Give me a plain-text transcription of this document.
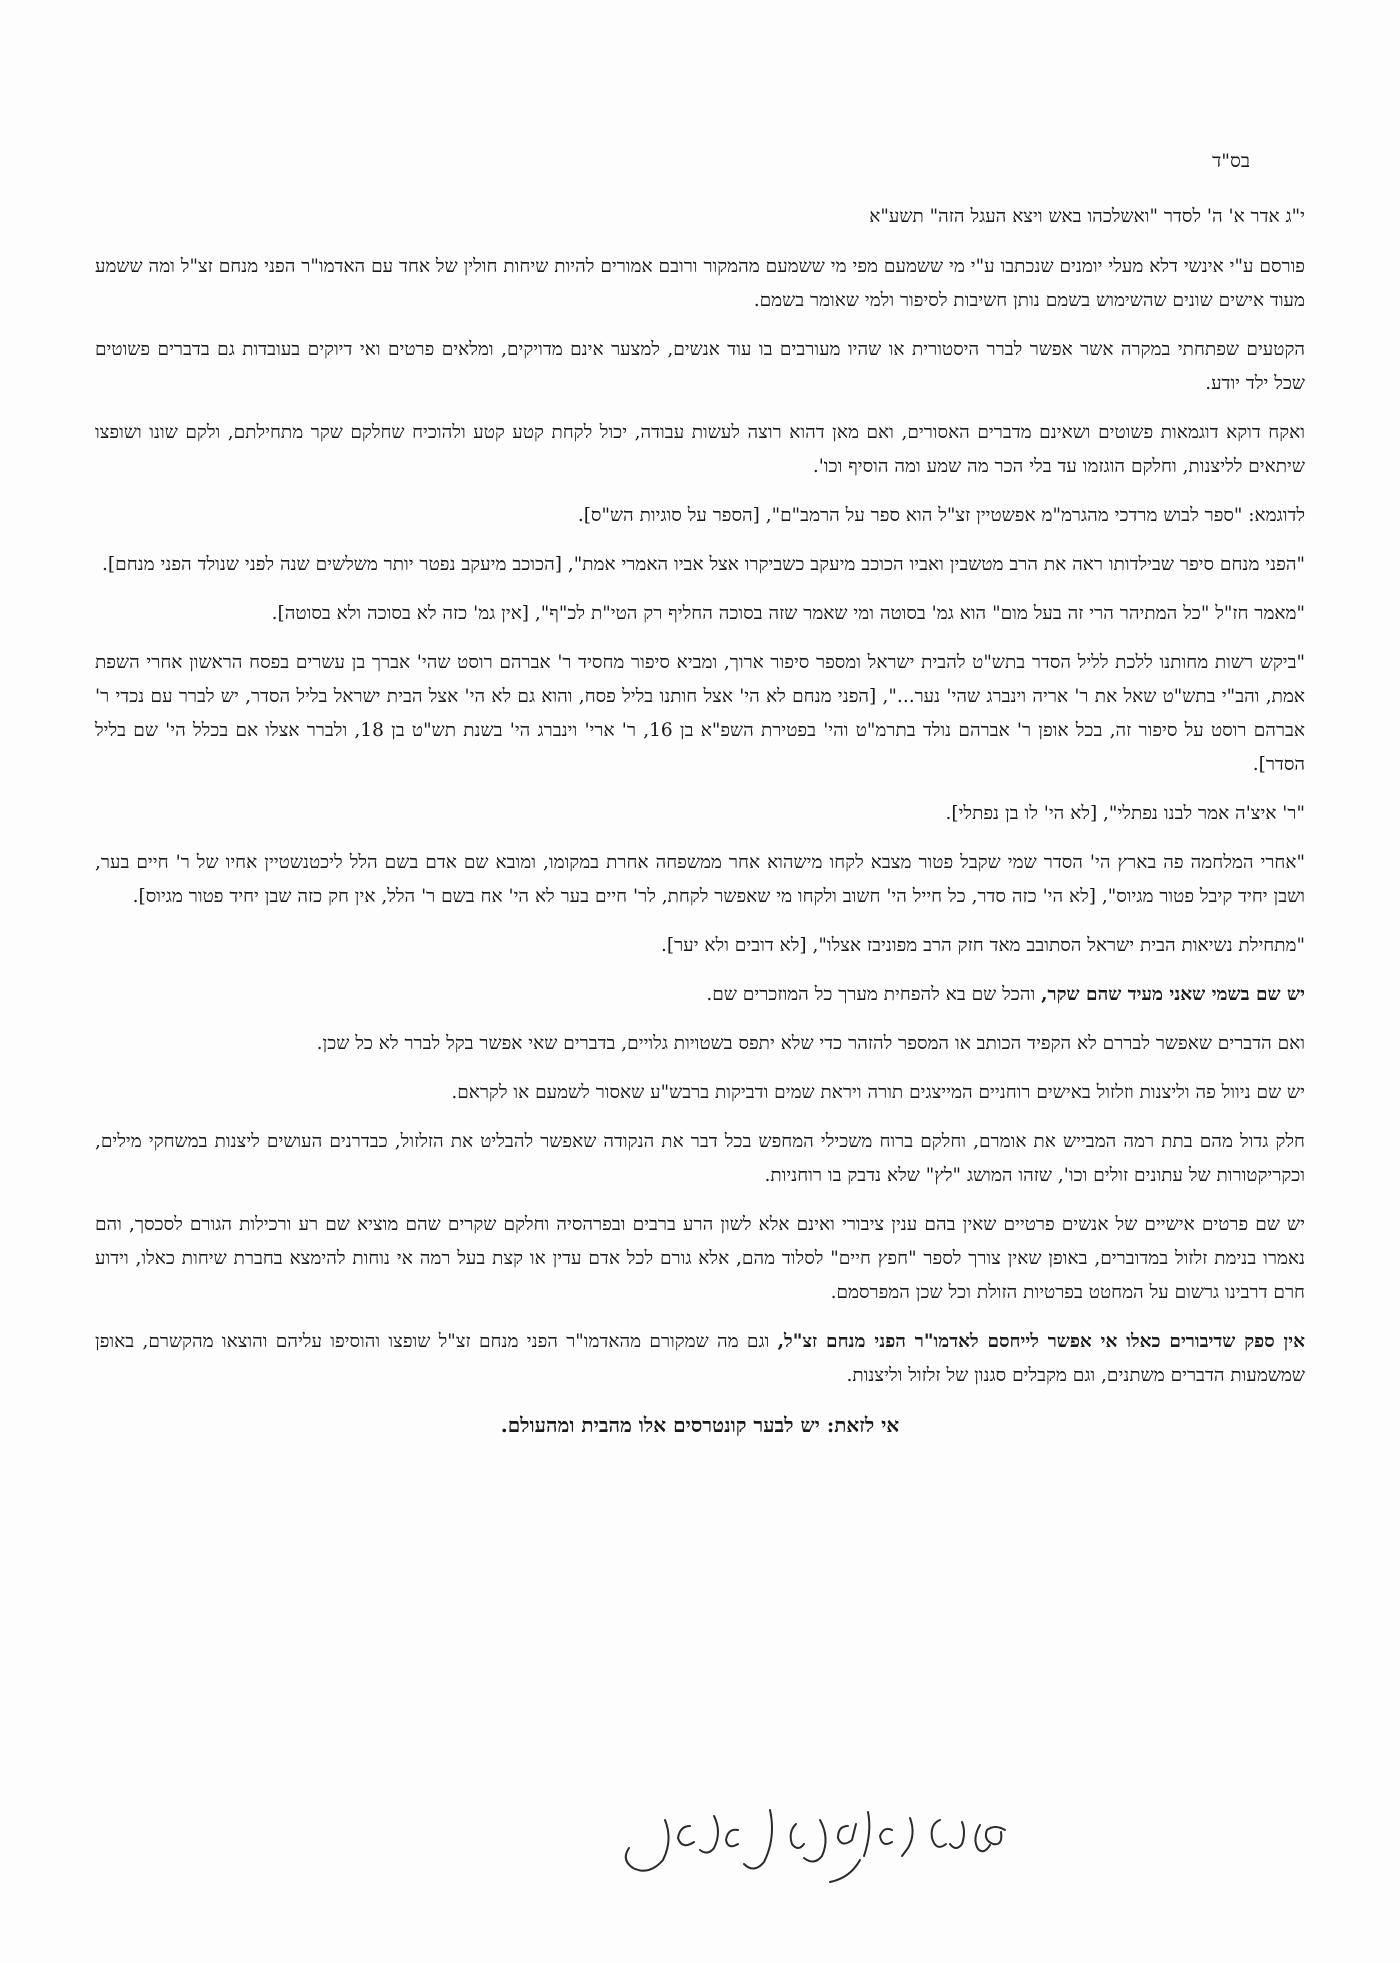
בס"ד

י"ג אדר א' ה' לסדר "ואשלכהו באש ויצא העגל הזה" תשע"א

פורסם ע"י אינשי דלא מעלי יומנים שנכתבו ע"י מי ששמעם מפי מי ששמעם מהמקור ורובם אמורים להיות שיחות חולין של אחד עם האדמו"ר הפני מנחם זצ"ל ומה ששמע מעוד אישים שונים שהשימוש בשמם נותן חשיבות לסיפור ולמי שאומר בשמם.

הקטעים שפתחתי במקרה אשר אפשר לברר היסטורית או שהיו מעורבים בו עוד אנשים, למצער אינם מדויקים, ומלאים פרטים ואי דיוקים בעובדות גם בדברים פשוטים שכל ילד יודע.

ואקח דוקא דוגמאות פשוטים ושאינם מדברים האסורים, ואם מאן דהוא רוצה לעשות עבודה, יכול לקחת קטע קטע ולהוכיח שחלקם שקר מתחילתם, ולקם שונו ושופצו שיתאים לליצנות, וחלקם הוגזמו עד בלי הכר מה שמע ומה הוסיף וכו'.

לדוגמא: "ספר לבוש מרדכי מהגרמ"מ אפשטיין זצ"ל הוא ספר על הרמב"ם", [הספר על סוגיות הש"ס].

"הפני מנחם סיפר שבילדותו ראה את הרב מטשבין ואביו הכוכב מיעקב כשביקרו אצל אביו האמרי אמת", [הכוכב מיעקב נפטר יותר משלשים שנה לפני שנולד הפני מנחם].

"מאמר חז"ל "כל המתיהר הרי זה בעל מום" הוא גמ' בסוטה ומי שאמר שזה בסוכה החליף רק הטי"ת לכ"ף", [אין גמ' כזה לא בסוכה ולא בסוטה].

"ביקש רשות מחותנו ללכת לליל הסדר בתש"ט להבית ישראל ומספר סיפור ארוך, ומביא סיפור מחסיד ר' אברהם רוסט שהי' אברך בן עשרים בפסח הראשון אחרי השפת אמת, והב"י בתש"ט שאל את ר' אריה וינברג שהי' נער...", [הפני מנחם לא הי' אצל חותנו בליל פסח, והוא גם לא הי' אצל הבית ישראל בליל הסדר, יש לברר עם נכדי ר' אברהם רוסט על סיפור זה, בכל אופן ר' אברהם נולד בתרמ"ט והי' בפטירת השפ"א בן 16, ר' ארי' וינברג הי' בשנת תש"ט בן 18, ולברר אצלו אם בכלל הי' שם בליל הסדר].

"ר' איצ'ה אמר לבנו נפתלי", [לא הי' לו בן נפתלי].

"אחרי המלחמה פה בארץ הי' הסדר שמי שקבל פטור מצבא לקחו מישהוא אחר ממשפחה אחרת במקומו, ומובא שם אדם בשם הלל ליכטנשטיין אחיו של ר' חיים בער, ושבן יחיד קיבל פטור מגיוס", [לא הי' כזה סדר, כל חייל הי' חשוב ולקחו מי שאפשר לקחת, לר' חיים בער לא הי' אח בשם ר' הלל, אין חק כזה שבן יחיד פטור מגיוס].

"מתחילת נשיאות הבית ישראל הסתובב מאד חזק הרב מפוניבז אצלו", [לא דובים ולא יער].

יש שם בשמי שאני מעיד שהם שקר, והכל שם בא להפחית מערך כל המוזכרים שם.

ואם הדברים שאפשר לבררם לא הקפיד הכותב או המספר להזהר כדי שלא יתפס בשטויות גלויים, בדברים שאי אפשר בקל לברר לא כל שכן.

יש שם ניוול פה וליצנות וזלזול באישים רוחניים המייצגים תורה ויראת שמים ודביקות ברבש"ע שאסור לשמעם או לקראם.

חלק גדול מהם בתת רמה המבייש את אומרם, וחלקם ברוח משכילי המחפש בכל דבר את הנקודה שאפשר להבליט את הזלזול, כבדרנים העושים ליצנות במשחקי מילים, וכקריקטורות של עתונים זולים וכו', שזהו המושג "לץ" שלא נדבק בו רוחניות.

יש שם פרטים אישיים של אנשים פרטיים שאין בהם ענין ציבורי ואינם אלא לשון הרע ברבים ובפרהסיה וחלקם שקרים שהם מוציא שם רע ורכילות הגורם לסכסך, והם נאמרו בנימת זלזול במדוברים, באופן שאין צורך לספר "חפץ חיים" לסלוד מהם, אלא גורם לכל אדם עדין או קצת בעל רמה אי נוחות להימצא בחברת שיחות כאלו, וידוע חרם דרבינו גרשום על המחטט בפרטיות הזולת וכל שכן המפרסמם.

אין ספק שדיבורים כאלו אי אפשר לייחסם לאדמו"ר הפני מנחם זצ"ל, וגם מה שמקורם מהאדמו"ר הפני מנחם זצ"ל שופצו והוסיפו עליהם והוצאו מהקשרם, באופן שמשמעות הדברים משתנים, וגם מקבלים סגנון של זלזול וליצנות.

אי לזאת: יש לבער קונטרסים אלו מהבית ומהעולם.
